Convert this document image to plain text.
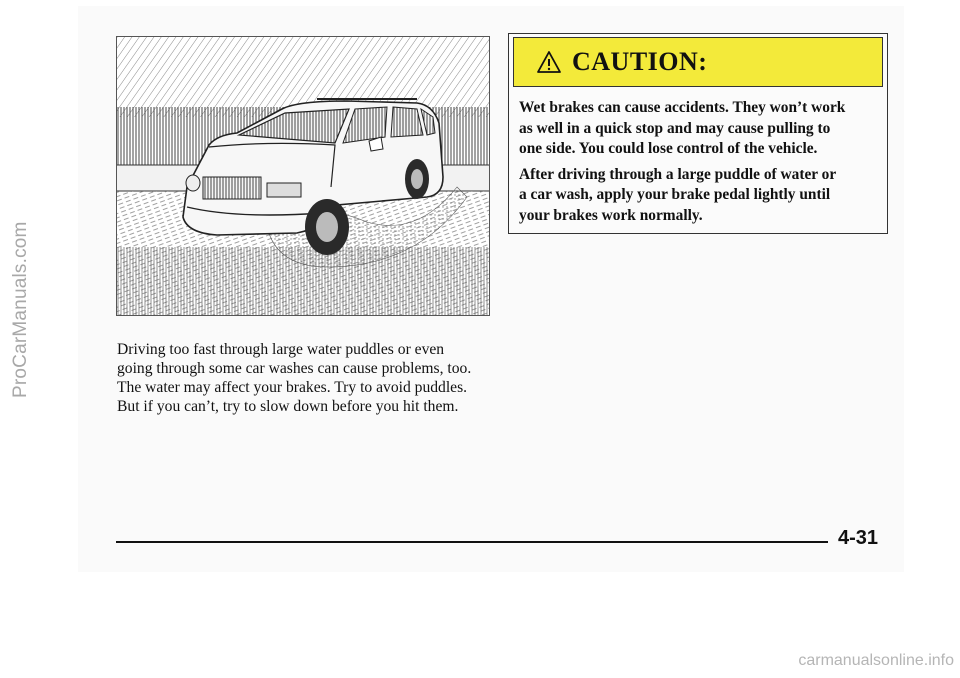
ProCarManuals.com	Driving too fast through large water puddles or even

going through some car washes can cause problems, too.

The water may affect your brakes. Try to avoid puddles.

But if you can’t, try to slow down before you hit them.

CAUTION:

Wet brakes can cause accidents. They won’t work
as well in a quick stop and may cause pulling to
one side. You could lose control of the vehicle.

After driving through a large puddle of water or
a car wash, apply your brake pedal lightly until
your brakes work normally.

4-31
carmanualsonline.info
